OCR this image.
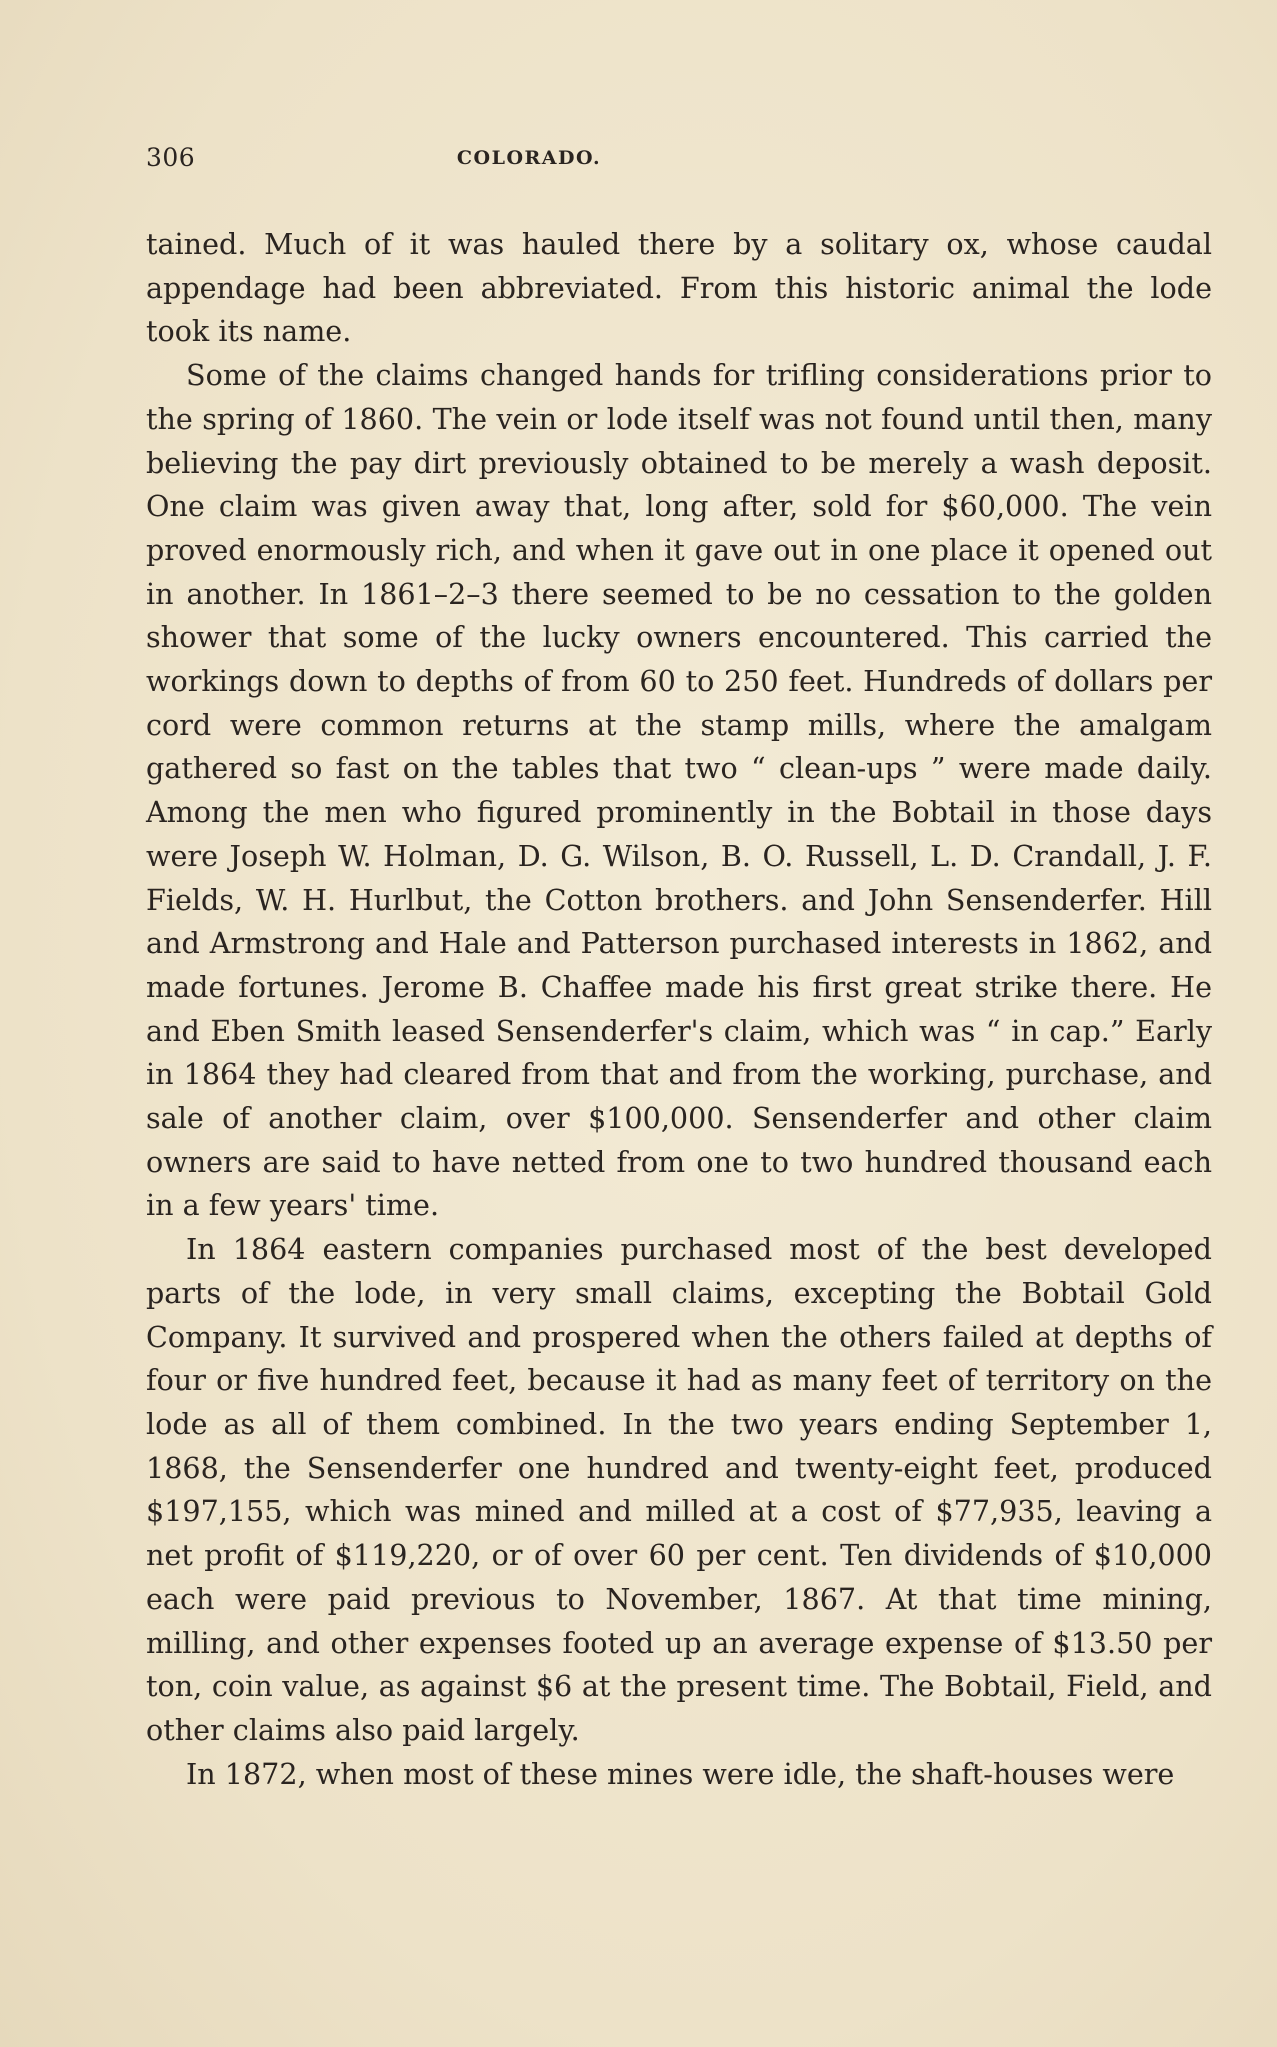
306	COLORADO.

tained. Much of it was hauled there by a solitary ox, whose caudal appendage had been abbreviated. From this historic animal the lode took its name.

Some of the claims changed hands for trifling considerations prior to the spring of 1860. The vein or lode itself was not found until then, many believing the pay dirt previously obtained to be merely a wash deposit. One claim was given away that, long after, sold for $60,000. The vein proved enormously rich, and when it gave out in one place it opened out in another. In 1861–2–3 there seemed to be no cessation to the golden shower that some of the lucky owners encountered. This carried the workings down to depths of from 60 to 250 feet. Hundreds of dollars per cord were common returns at the stamp mills, where the amalgam gathered so fast on the tables that two “ clean-ups ” were made daily. Among the men who figured prominently in the Bobtail in those days were Joseph W. Holman, D. G. Wilson, B. O. Russell, L. D. Crandall, J. F. Fields, W. H. Hurlbut, the Cotton brothers. and John Sensenderfer. Hill and Armstrong and Hale and Patterson purchased interests in 1862, and made fortunes. Jerome B. Chaffee made his first great strike there. He and Eben Smith leased Sensenderfer's claim, which was “ in cap.” Early in 1864 they had cleared from that and from the working, purchase, and sale of another claim, over $100,000. Sensenderfer and other claim owners are said to have netted from one to two hundred thousand each in a few years' time.

In 1864 eastern companies purchased most of the best developed parts of the lode, in very small claims, excepting the Bobtail Gold Company. It survived and prospered when the others failed at depths of four or five hundred feet, because it had as many feet of territory on the lode as all of them combined. In the two years ending September 1, 1868, the Sensenderfer one hundred and twenty-eight feet, produced $197,155, which was mined and milled at a cost of $77,935, leaving a net profit of $119,220, or of over 60 per cent. Ten dividends of $10,000 each were paid previous to November, 1867. At that time mining, milling, and other expenses footed up an average expense of $13.50 per ton, coin value, as against $6 at the present time. The Bobtail, Field, and other claims also paid largely.

In 1872, when most of these mines were idle, the shaft-houses were
